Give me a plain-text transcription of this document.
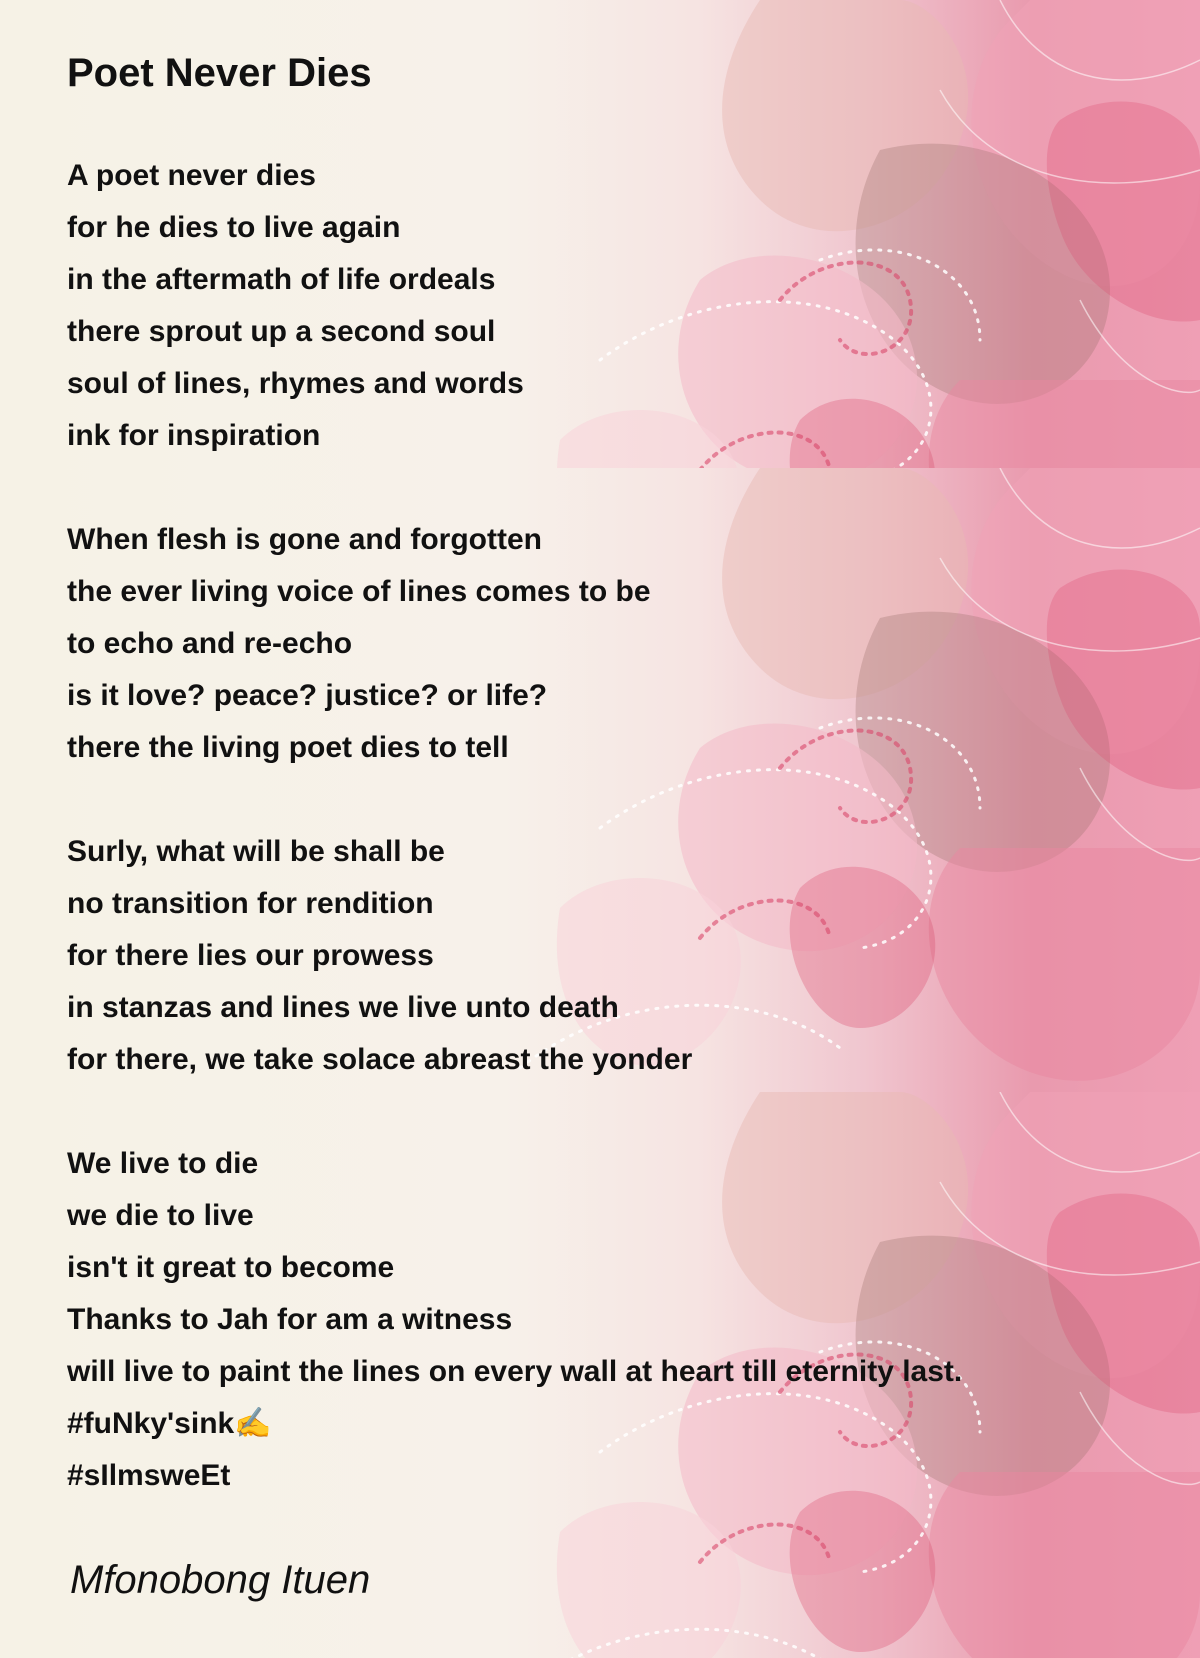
Poet Never Dies
A poet never dies
for he dies to live again
in the aftermath of life ordeals
there sprout up a second soul
soul of lines, rhymes and words
ink for inspiration
When flesh is gone and forgotten
the ever living voice of lines comes to be
to echo and re-echo
is it love? peace? justice? or life?
there the living poet dies to tell
Surly, what will be shall be
no transition for rendition
for there lies our prowess
in stanzas and lines we live unto death
for there, we take solace abreast the yonder
We live to die
we die to live
isn't it great to become
Thanks to Jah for am a witness
will live to paint the lines on every wall at heart till eternity last.
#fuNky'sink✍️
#sIlmsweEt

Mfonobong Ituen
